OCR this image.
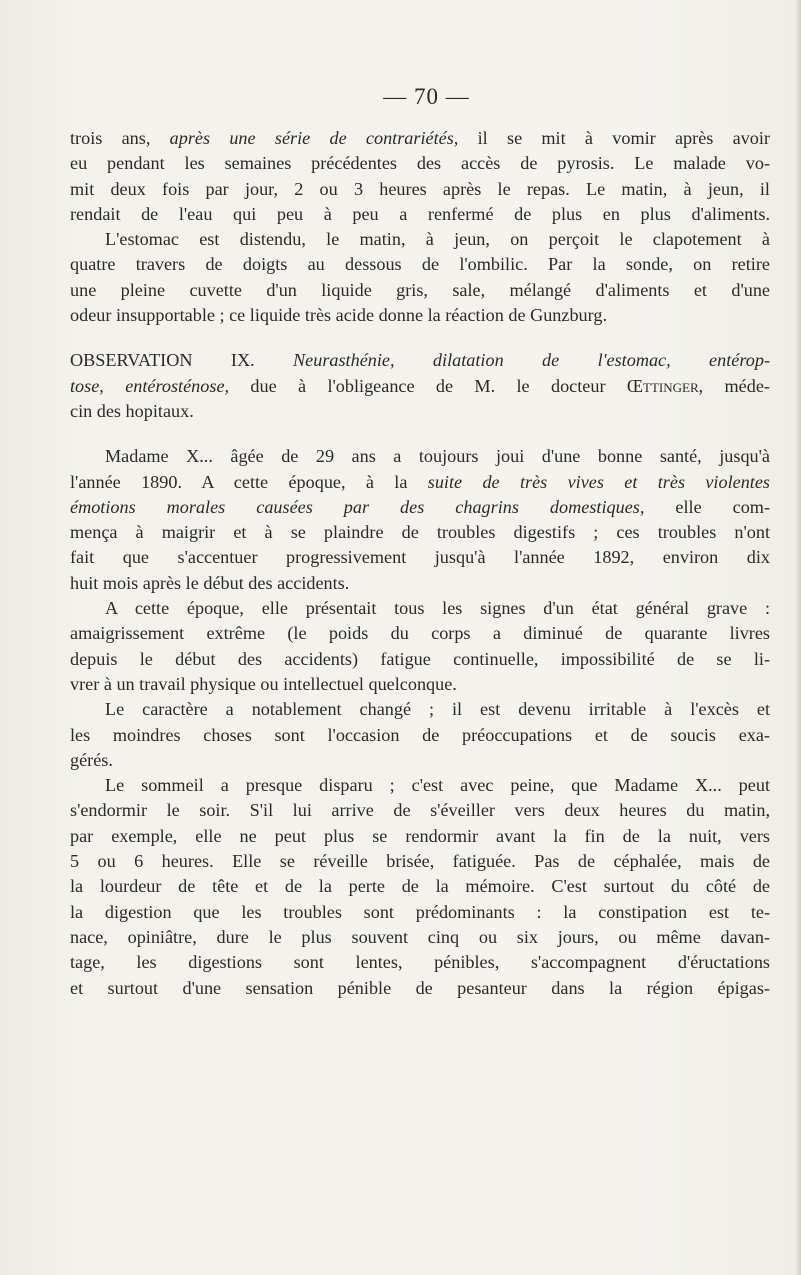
— 70 —
trois ans, après une série de contrariétés, il se mit à vomir après avoir
eu pendant les semaines précédentes des accès de pyrosis. Le malade vo-
mit deux fois par jour, 2 ou 3 heures après le repas. Le matin, à jeun, il
rendait de l'eau qui peu à peu a renfermé de plus en plus d'aliments.
L'estomac est distendu, le matin, à jeun, on perçoit le clapotement à
quatre travers de doigts au dessous de l'ombilic. Par la sonde, on retire
une pleine cuvette d'un liquide gris, sale, mélangé d'aliments et d'une
odeur insupportable ; ce liquide très acide donne la réaction de Gunzburg.
OBSERVATION IX. Neurasthénie, dilatation de l'estomac, entérop-
tose, entérosténose, due à l'obligeance de M. le docteur Œttinger, méde-
cin des hopitaux.
Madame X... âgée de 29 ans a toujours joui d'une bonne santé, jusqu'à
l'année 1890. A cette époque, à la suite de très vives et très violentes
émotions morales causées par des chagrins domestiques, elle com-
mença à maigrir et à se plaindre de troubles digestifs ; ces troubles n'ont
fait que s'accentuer progressivement jusqu'à l'année 1892, environ dix
huit mois après le début des accidents.
A cette époque, elle présentait tous les signes d'un état général grave :
amaigrissement extrême (le poids du corps a diminué de quarante livres
depuis le début des accidents) fatigue continuelle, impossibilité de se li-
vrer à un travail physique ou intellectuel quelconque.
Le caractère a notablement changé ; il est devenu irritable à l'excès et
les moindres choses sont l'occasion de préoccupations et de soucis exa-
gérés.
Le sommeil a presque disparu ; c'est avec peine, que Madame X... peut
s'endormir le soir. S'il lui arrive de s'éveiller vers deux heures du matin,
par exemple, elle ne peut plus se rendormir avant la fin de la nuit, vers
5 ou 6 heures. Elle se réveille brisée, fatiguée. Pas de céphalée, mais de
la lourdeur de tête et de la perte de la mémoire. C'est surtout du côté de
la digestion que les troubles sont prédominants : la constipation est te-
nace, opiniâtre, dure le plus souvent cinq ou six jours, ou même davan-
tage, les digestions sont lentes, pénibles, s'accompagnent d'éructations
et surtout d'une sensation pénible de pesanteur dans la région épigas-
